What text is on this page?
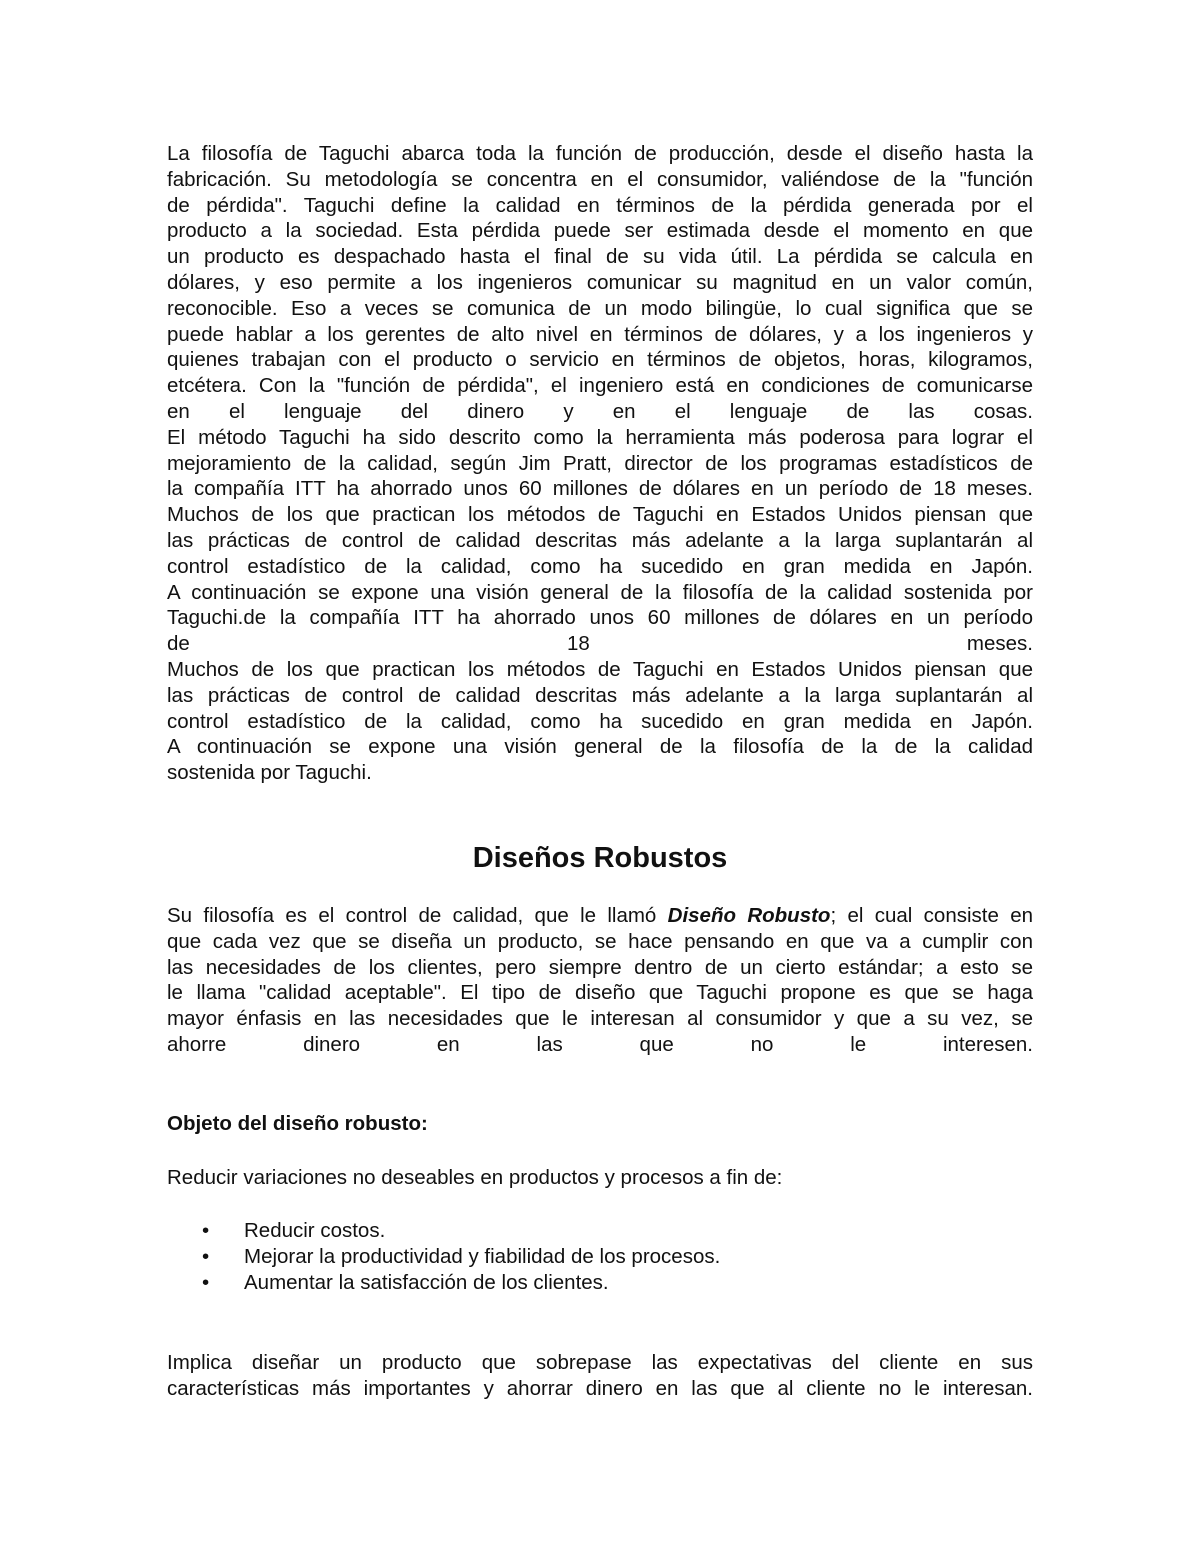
La filosofía de Taguchi abarca toda la función de producción, desde el diseño hasta la
fabricación. Su metodología se concentra en el consumidor, valiéndose de la "función
de pérdida". Taguchi define la calidad en términos de la pérdida generada por el
producto a la sociedad. Esta pérdida puede ser estimada desde el momento en que
un producto es despachado hasta el final de su vida útil. La pérdida se calcula en
dólares, y eso permite a los ingenieros comunicar su magnitud en un valor común,
reconocible. Eso a veces se comunica de un modo bilingüe, lo cual significa que se
puede hablar a los gerentes de alto nivel en términos de dólares, y a los ingenieros y
quienes trabajan con el producto o servicio en términos de objetos, horas, kilogramos,
etcétera. Con la "función de pérdida", el ingeniero está en condiciones de comunicarse
en el lenguaje del dinero y en el lenguaje de las cosas.
El método Taguchi ha sido descrito como la herramienta más poderosa para lograr el
mejoramiento de la calidad, según Jim Pratt, director de los programas estadísticos de
la compañía ITT ha ahorrado unos 60 millones de dólares en un período de 18 meses.
Muchos de los que practican los métodos de Taguchi en Estados Unidos piensan que
las prácticas de control de calidad descritas más adelante a la larga suplantarán al
control estadístico de la calidad, como ha sucedido en gran medida en Japón.
A continuación se expone una visión general de la filosofía de la calidad sostenida por
Taguchi.de la compañía ITT ha ahorrado unos 60 millones de dólares en un período
de 18 meses.
Muchos de los que practican los métodos de Taguchi en Estados Unidos piensan que
las prácticas de control de calidad descritas más adelante a la larga suplantarán al
control estadístico de la calidad, como ha sucedido en gran medida en Japón.
A continuación se expone una visión general de la filosofía de la de la calidad
sostenida por Taguchi.

Diseños Robustos

Su filosofía es el control de calidad, que le llamó Diseño Robusto; el cual consiste en
que cada vez que se diseña un producto, se hace pensando en que va a cumplir con
las necesidades de los clientes, pero siempre dentro de un cierto estándar; a esto se
le llama "calidad aceptable". El tipo de diseño que Taguchi propone es que se haga
mayor énfasis en las necesidades que le interesan al consumidor y que a su vez, se
ahorre dinero en las que no le interesen.

Objeto del diseño robusto:

Reducir variaciones no deseables en productos y procesos a fin de:

• Reducir costos.
• Mejorar la productividad y fiabilidad de los procesos.
• Aumentar la satisfacción de los clientes.

Implica diseñar un producto que sobrepase las expectativas del cliente en sus
características más importantes y ahorrar dinero en las que al cliente no le interesan.
